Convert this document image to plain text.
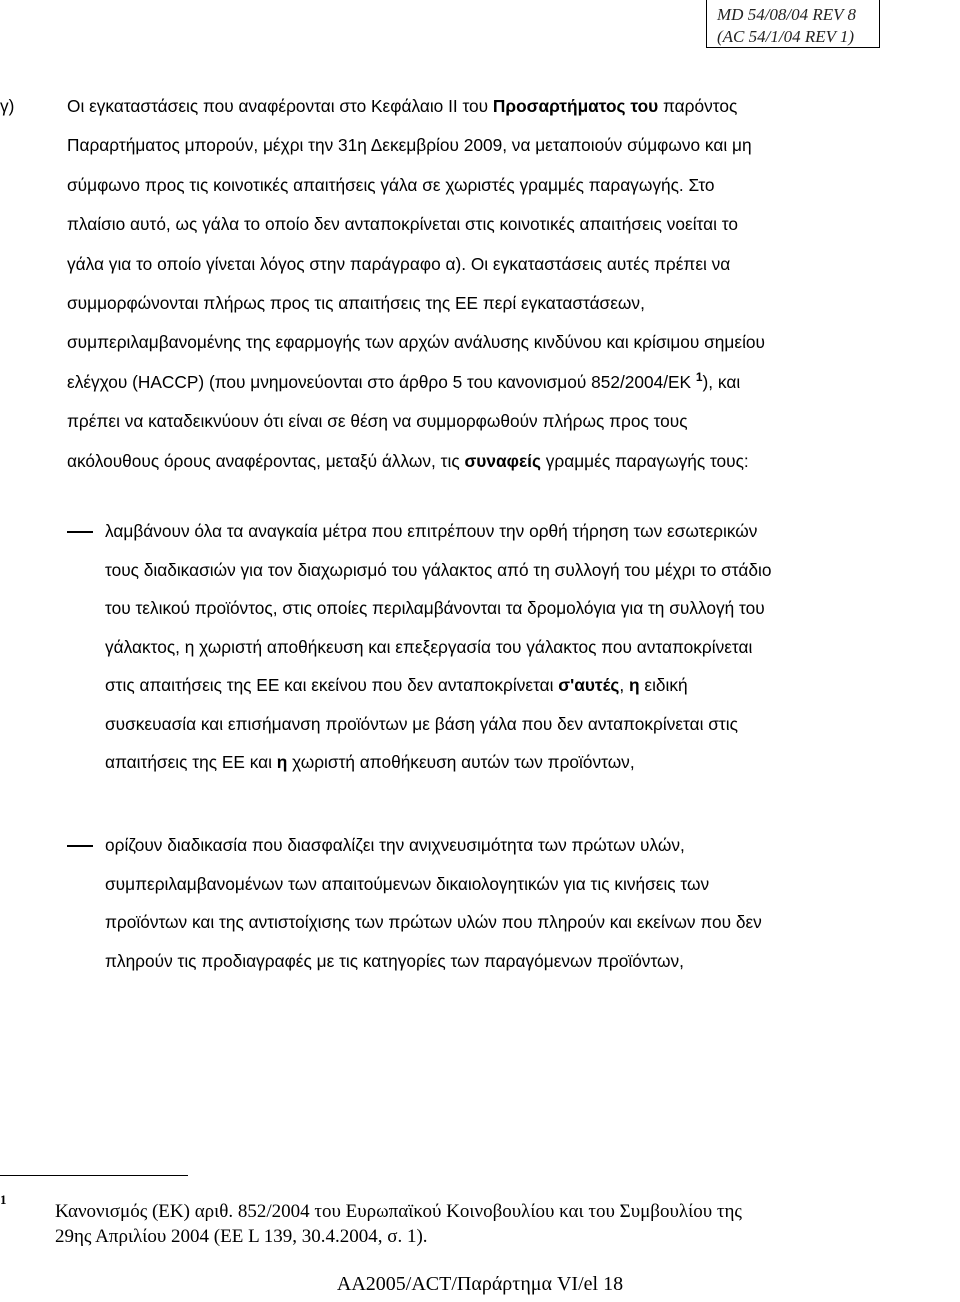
MD 54/08/04 REV 8
(AC 54/1/04 REV 1)
γ)	Οι εγκαταστάσεις που αναφέρονται στο Κεφάλαιο ΙΙ του Προσαρτήματος του παρόντος
Παραρτήματος μπορούν, μέχρι την 31η Δεκεμβρίου 2009, να μεταποιούν σύμφωνο και μη
σύμφωνο προς τις κοινοτικές απαιτήσεις γάλα σε χωριστές γραμμές παραγωγής. Στο
πλαίσιο αυτό, ως γάλα το οποίο δεν ανταποκρίνεται στις κοινοτικές απαιτήσεις νοείται το
γάλα για το οποίο γίνεται λόγος στην παράγραφο α). Οι εγκαταστάσεις αυτές πρέπει να
συμμορφώνονται πλήρως προς τις απαιτήσεις της ΕΕ περί εγκαταστάσεων,
συμπεριλαμβανομένης της εφαρμογής των αρχών ανάλυσης κινδύνου και κρίσιμου σημείου
ελέγχου (HACCP) (που μνημονεύονται στο άρθρο 5 του κανονισμού 852/2004/ΕΚ $^1$), και
πρέπει να καταδεικνύουν ότι είναι σε θέση να συμμορφωθούν πλήρως προς τους
ακόλουθους όρους αναφέροντας, μεταξύ άλλων, τις συναφείς γραμμές παραγωγής τους:
λαμβάνουν όλα τα αναγκαία μέτρα που επιτρέπουν την ορθή τήρηση των εσωτερικών
τους διαδικασιών για τον διαχωρισμό του γάλακτος από τη συλλογή του μέχρι το στάδιο
του τελικού προϊόντος, στις οποίες περιλαμβάνονται τα δρομολόγια για τη συλλογή του
γάλακτος, η χωριστή αποθήκευση και επεξεργασία του γάλακτος που ανταποκρίνεται
στις απαιτήσεις της ΕΕ και εκείνου που δεν ανταποκρίνεται σ'αυτές, η ειδική
συσκευασία και επισήμανση προϊόντων με βάση γάλα που δεν ανταποκρίνεται στις
απαιτήσεις της ΕΕ και η χωριστή αποθήκευση αυτών των προϊόντων,
ορίζουν διαδικασία που διασφαλίζει την ανιχνευσιμότητα των πρώτων υλών,
συμπεριλαμβανομένων των απαιτούμενων δικαιολογητικών για τις κινήσεις των
προϊόντων και της αντιστοίχισης των πρώτων υλών που πληρούν και εκείνων που δεν
πληρούν τις προδιαγραφές με τις κατηγορίες των παραγόμενων προϊόντων,
1
Κανονισμός (ΕΚ) αριθ. 852/2004 του Ευρωπαϊκού Κοινοβουλίου και του Συμβουλίου της
29ης Απριλίου 2004 (ΕΕ L 139, 30.4.2004, σ. 1).
AA2005/ACT/Παράρτημα VI/el 18
